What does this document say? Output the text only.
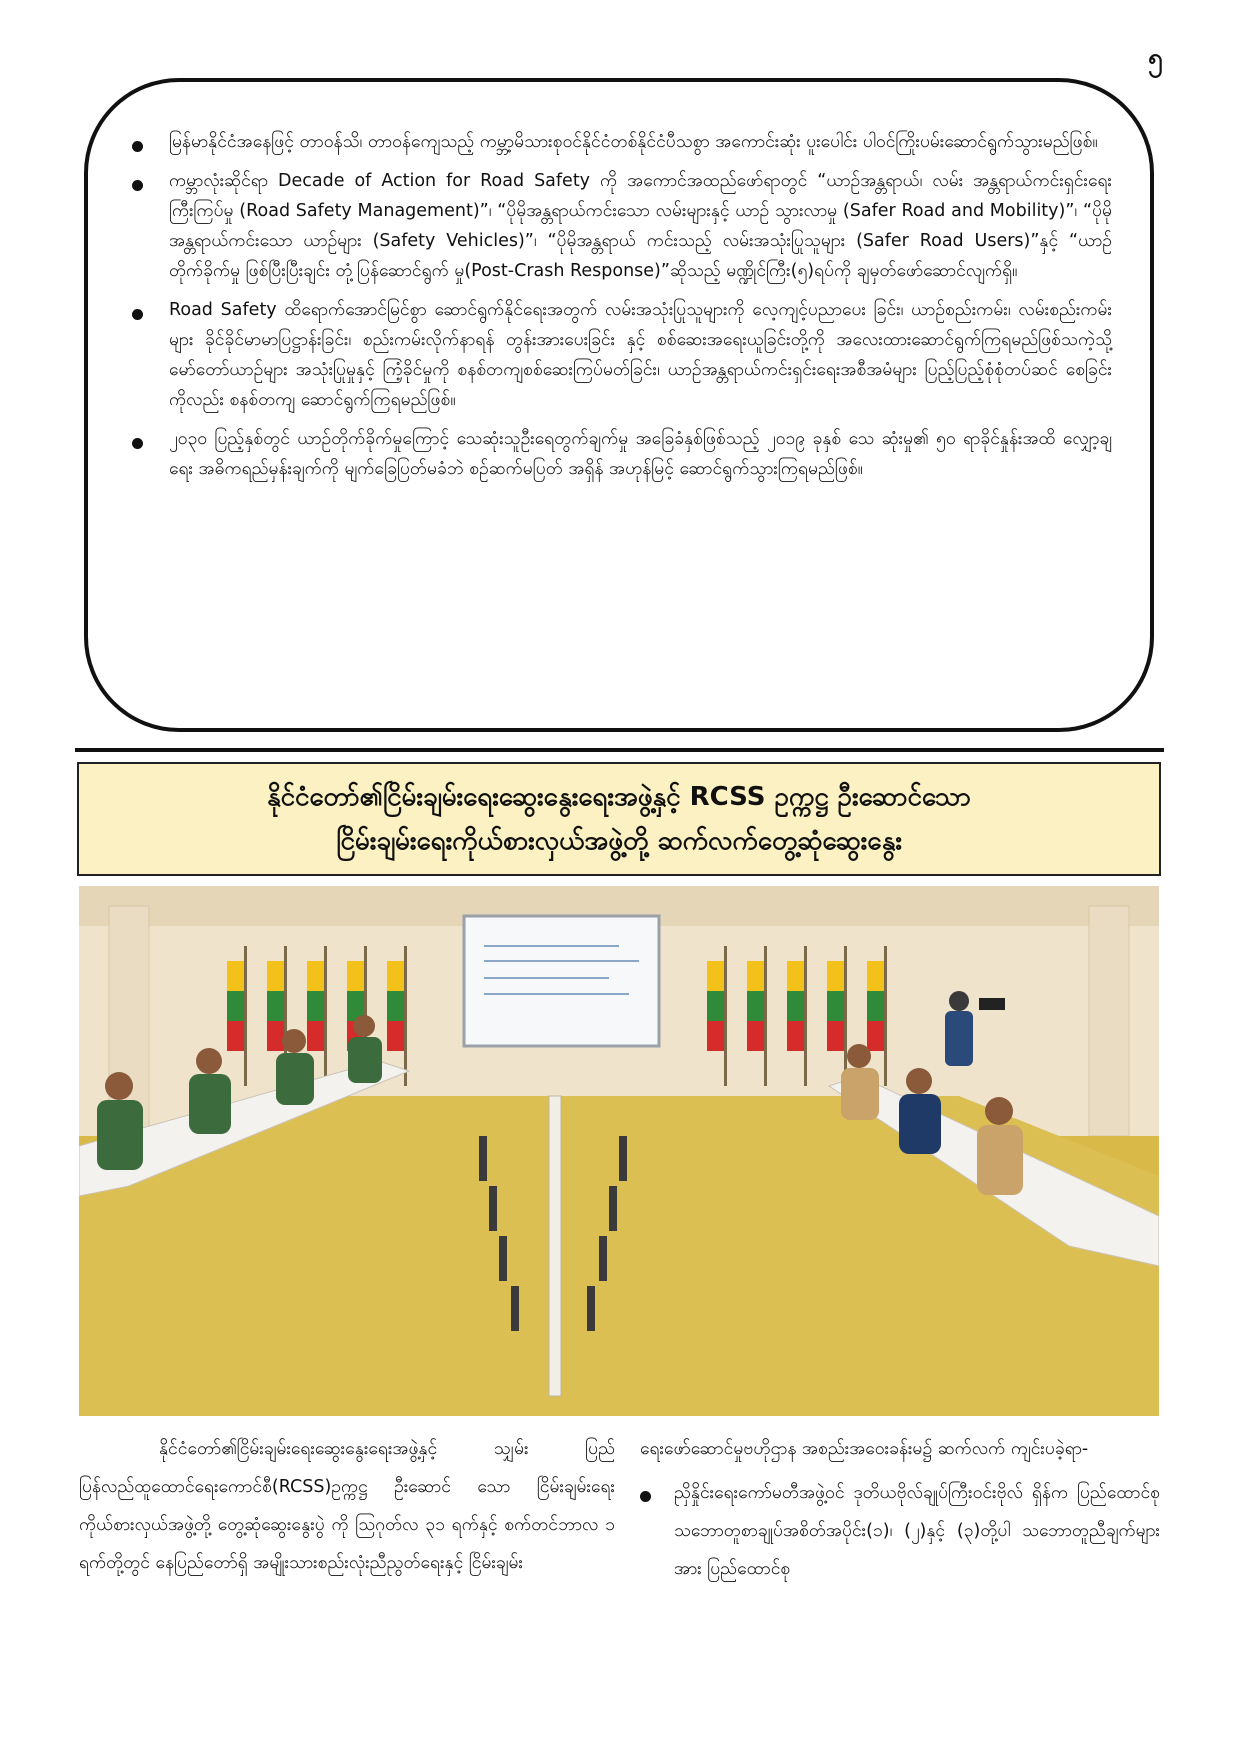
၅
မြန်မာနိုင်ငံအနေဖြင့် တာဝန်သိ၊ တာဝန်ကျေသည့် ကမ္ဘာ့မိသားစုဝင်နိုင်ငံတစ်နိုင်ငံပီသစွာ အကောင်းဆုံး ပူးပေါင်း ပါဝင်ကြိုးပမ်းဆောင်ရွက်သွားမည်ဖြစ်။
ကမ္ဘာလုံးဆိုင်ရာ Decade of Action for Road Safety ကို အကောင်အထည်ဖော်ရာတွင် “ယာဉ်အန္တရာယ်၊ လမ်း အန္တရာယ်ကင်းရှင်းရေးကြီးကြပ်မှု (Road Safety Management)”၊ “ပိုမိုအန္တရာယ်ကင်းသော လမ်းများနှင့် ယာဉ် သွားလာမှု (Safer Road and Mobility)”၊ “ပိုမိုအန္တရာယ်ကင်းသော ယာဉ်များ (Safety Vehicles)”၊ “ပိုမိုအန္တရာယ် ကင်းသည့် လမ်းအသုံးပြုသူများ (Safer Road Users)”နှင့် “ယာဉ်တိုက်ခိုက်မှု ဖြစ်ပြီးပြီးချင်း တုံ့ပြန်ဆောင်ရွက် မှု(Post-Crash Response)”ဆိုသည့် မဏ္ဍိုင်ကြီး(၅)ရပ်ကို ချမှတ်ဖော်ဆောင်လျက်ရှိ။
Road Safety ထိရောက်အောင်မြင်စွာ ဆောင်ရွက်နိုင်ရေးအတွက် လမ်းအသုံးပြုသူများကို လေ့ကျင့်ပညာပေး ခြင်း၊ ယာဉ်စည်းကမ်း၊ လမ်းစည်းကမ်းများ ခိုင်ခိုင်မာမာပြဋ္ဌာန်းခြင်း၊ စည်းကမ်းလိုက်နာရန် တွန်းအားပေးခြင်း နှင့် စစ်ဆေးအရေးယူခြင်းတို့ကို အလေးထားဆောင်ရွက်ကြရမည်ဖြစ်သကဲ့သို့ မော်တော်ယာဉ်များ အသုံးပြုမှုနှင့် ကြံ့ခိုင်မှုကို စနစ်တကျစစ်ဆေးကြပ်မတ်ခြင်း၊ ယာဉ်အန္တရာယ်ကင်းရှင်းရေးအစီအမံများ ပြည့်ပြည့်စုံစုံတပ်ဆင် စေခြင်းကိုလည်း စနစ်တကျ ဆောင်ရွက်ကြရမည်ဖြစ်။
၂၀၃၀ ပြည့်နှစ်တွင် ယာဉ်တိုက်ခိုက်မှုကြောင့် သေဆုံးသူဦးရေတွက်ချက်မှု အခြေခံနှစ်ဖြစ်သည့် ၂၀၁၉ ခုနှစ် သေ ဆုံးမှု၏ ၅၀ ရာခိုင်နှုန်းအထိ လျှော့ချရေး အဓိကရည်မှန်းချက်ကို မျက်ခြေပြတ်မခံဘဲ စဉ်ဆက်မပြတ် အရှိန် အဟုန်မြင့် ဆောင်ရွက်သွားကြရမည်ဖြစ်။
နိုင်ငံတော်၏ငြိမ်းချမ်းရေးဆွေးနွေးရေးအဖွဲ့နှင့် RCSS ဥက္ကဋ္ဌ ဦးဆောင်သော
ငြိမ်းချမ်းရေးကိုယ်စားလှယ်အဖွဲ့တို့ ဆက်လက်တွေ့ဆုံဆွေးနွေး
နိုင်ငံတော်၏ငြိမ်းချမ်းရေးဆွေးနွေးရေးအဖွဲ့နှင့် သျှမ်း ပြည်ပြန်လည်ထူထောင်ရေးကောင်စီ(RCSS)ဥက္ကဋ္ဌ ဦးဆောင် သော ငြိမ်းချမ်းရေးကိုယ်စားလှယ်အဖွဲ့တို့ တွေ့ဆုံဆွေးနွေးပွဲ ကို ဩဂုတ်လ ၃၁ ရက်နှင့် စက်တင်ဘာလ ၁ ရက်တို့တွင် နေပြည်တော်ရှိ အမျိုးသားစည်းလုံးညီညွတ်ရေးနှင့် ငြိမ်းချမ်း
ရေးဖော်ဆောင်မှုဗဟိုဌာန အစည်းအဝေးခန်းမ၌ ဆက်လက် ကျင်းပခဲ့ရာ-
ညှိနှိုင်းရေးကော်မတီအဖွဲ့ဝင် ဒုတိယဗိုလ်ချုပ်ကြီးဝင်းဗိုလ် ရှိန်က ပြည်ထောင်စုသဘောတူစာချုပ်အစိတ်အပိုင်း(၁)၊ (၂)နှင့် (၃)တို့ပါ သဘောတူညီချက်များအား ပြည်ထောင်စု
